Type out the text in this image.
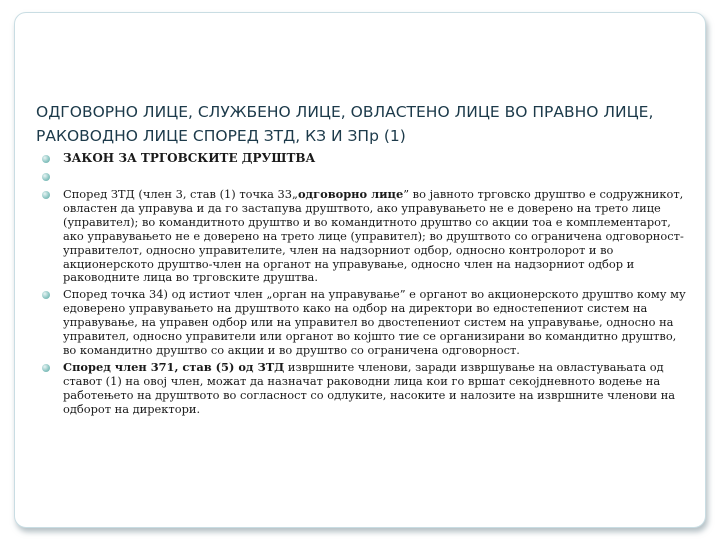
ОДГОВОРНО ЛИЦЕ, СЛУЖБЕНО ЛИЦЕ, ОВЛАСТЕНО ЛИЦЕ ВО ПРАВНО ЛИЦЕ, РАКОВОДНО ЛИЦЕ СПОРЕД ЗТД, КЗ И ЗПр (1)
ЗАКОН ЗА ТРГОВСКИТЕ ДРУШТВА
Според ЗТД (член 3, став (1) точка 33„одговорно лице” во јавното трговско друштво е содружникот, овластен да управува и да го застапува друштвото, ако управувањето не е доверено на трето лице (управител); во командитното друштво и во командитното друштво со акции тоа е комплементарот, ако управувањето не е доверено на трето лице (управител); во друштвото со ограничена одговорност-управителот, односно управителите, член на надзорниот одбор, односно контролорот и во акционерското друштво-член на органот на управување, односно член на надзорниот одбор и раководните лица во трговските друштва.
Според точка 34) од истиот член „орган на управување” е органот во акционерското друштво кому му едоверено управувањето на друштвото како на одбор на директори во едностепениот систем на управување, на управен одбор или на управител во двостепениот систем на управување, односно на управител, односно управители или органот во којшто тие се организирани во командитно друштво, во командитно друштво со акции и во друштво со ограничена одговорност.
Според член 371, став (5) од ЗТД извршните членови, заради извршување на овластувањата од ставот (1) на овој член, можат да назначат раководни лица кои го вршат секојдневното водење на работењето на друштвото во согласност со одлуките, насоките и налозите на извршните членови на одборот на директори.
